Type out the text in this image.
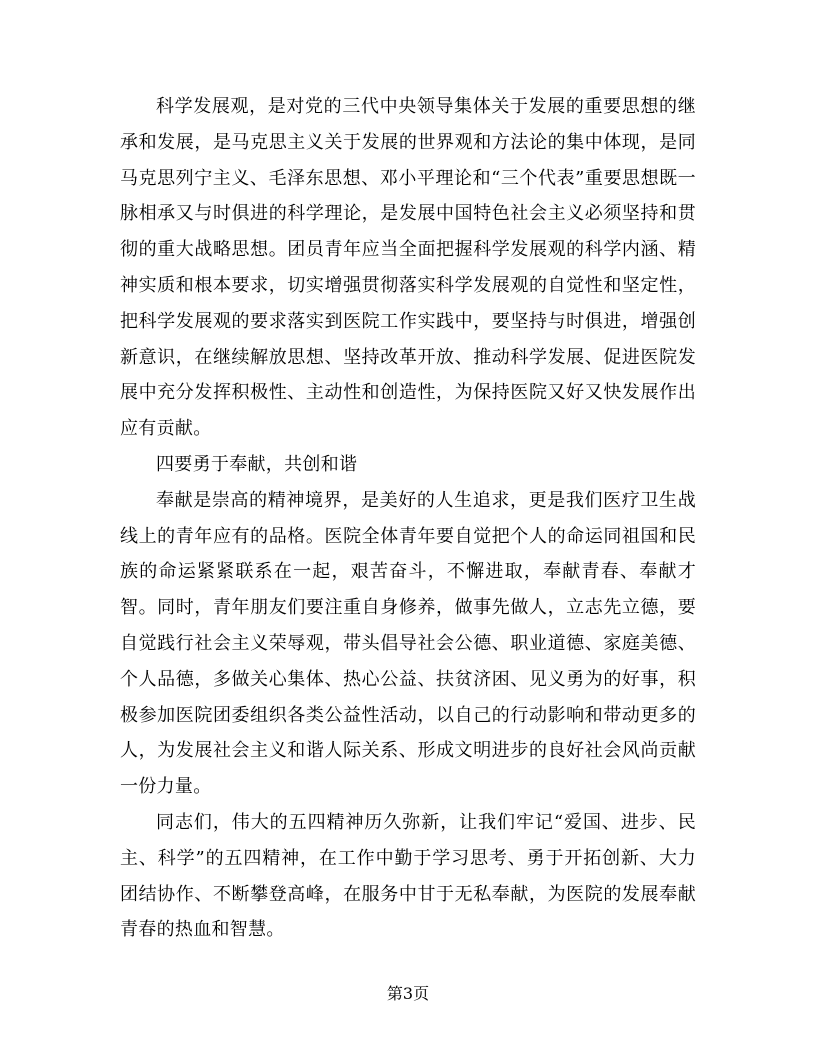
科学发展观，是对党的三代中央领导集体关于发展的重要思想的继承和发展，是马克思主义关于发展的世界观和方法论的集中体现，是同马克思列宁主义、毛泽东思想、邓小平理论和“三个代表”重要思想既一脉相承又与时俱进的科学理论，是发展中国特色社会主义必须坚持和贯彻的重大战略思想。团员青年应当全面把握科学发展观的科学内涵、精神实质和根本要求，切实增强贯彻落实科学发展观的自觉性和坚定性，把科学发展观的要求落实到医院工作实践中，要坚持与时俱进，增强创新意识，在继续解放思想、坚持改革开放、推动科学发展、促进医院发展中充分发挥积极性、主动性和创造性，为保持医院又好又快发展作出应有贡献。

四要勇于奉献，共创和谐

奉献是崇高的精神境界，是美好的人生追求，更是我们医疗卫生战线上的青年应有的品格。医院全体青年要自觉把个人的命运同祖国和民族的命运紧紧联系在一起，艰苦奋斗，不懈进取，奉献青春、奉献才智。同时，青年朋友们要注重自身修养，做事先做人，立志先立德，要自觉践行社会主义荣辱观，带头倡导社会公德、职业道德、家庭美德、个人品德，多做关心集体、热心公益、扶贫济困、见义勇为的好事，积极参加医院团委组织各类公益性活动，以自己的行动影响和带动更多的人，为发展社会主义和谐人际关系、形成文明进步的良好社会风尚贡献一份力量。

同志们，伟大的五四精神历久弥新，让我们牢记“爱国、进步、民主、科学”的五四精神，在工作中勤于学习思考、勇于开拓创新、大力团结协作、不断攀登高峰，在服务中甘于无私奉献，为医院的发展奉献青春的热血和智慧。

第3页
